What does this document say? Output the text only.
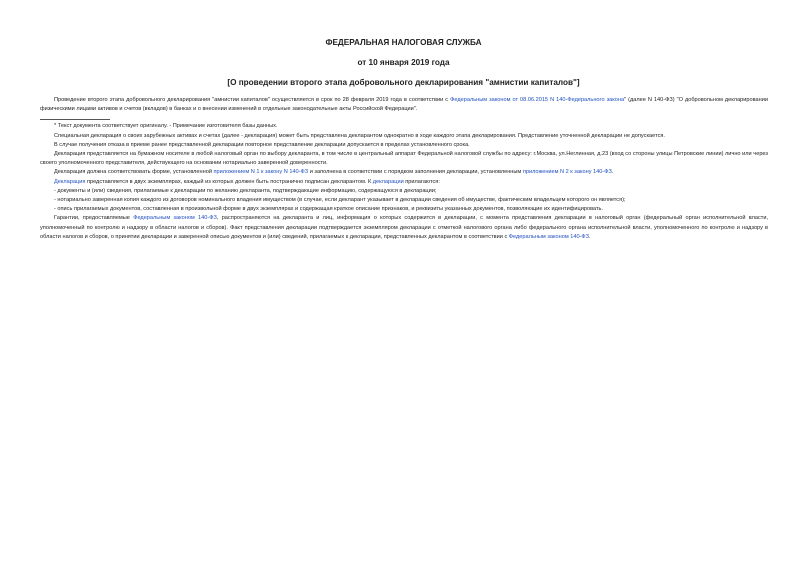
ФЕДЕРАЛЬНАЯ НАЛОГОВАЯ СЛУЖБА
от 10 января 2019 года
[О проведении второго этапа добровольного декларирования "амнистии капиталов"]

Проведение второго этапа добровольного декларирования "амнистии капиталов" осуществляется в срок по 28 февраля 2019 года в соответствии с Федеральным законом от 08.06.2015 N 140-Федерального закона" (далее N 140-ФЗ) "О добровольном декларировании физическими лицами активов и счетов (вкладов) в банках и о внесении изменений в отдельные законодательные акты Российской Федерации".

* Текст документа соответствует оригиналу. - Примечание изготовителя базы данных.

Специальная декларация о своих зарубежных активах и счетах (далее - декларация) может быть представлена декларантом однократно в ходе каждого этапа декларирования. Представление уточненной декларации не допускается.

В случае получения отказа в приеме ранее представленной декларации повторное представление декларации допускается в пределах установленного срока.

Декларация представляется на бумажном носителе в любой налоговый орган по выбору декларанта, в том числе в центральный аппарат Федеральной налоговой службы по адресу: г.Москва, ул.Неглинная, д.23 (вход со стороны улицы Петровские линии) лично или через своего уполномоченного представителя, действующего на основании нотариально заверенной доверенности.

Декларация должна соответствовать форме, установленной приложением N 1 к закону N 140-ФЗ и заполнена в соответствии с порядком заполнения декларации, установленным приложением N 2 к закону 140-ФЗ.

Декларация представляется в двух экземплярах, каждый из которых должен быть постранично подписан декларантом. К декларации прилагаются:

- документы и (или) сведения, прилагаемые к декларации по желанию декларанта, подтверждающие информацию, содержащуюся в декларации;

- нотариально заверенная копия каждого из договоров номинального владения имуществом (в случае, если декларант указывает в декларации сведения об имуществе, фактическим владельцем которого он является);

- опись прилагаемых документов, составленная в произвольной форме в двух экземплярах и содержащая краткое описание признаков, и реквизиты указанных документов, позволяющие их идентифицировать.

Гарантии, предоставляемые Федеральным законом 140-ФЗ, распространяются на декларанта и лиц, информация о которых содержится в декларации, с момента представления декларации в налоговый орган (федеральный орган исполнительной власти, уполномоченный по контролю и надзору в области налогов и сборов). Факт представления декларации подтверждается экземпляром декларации с отметкой налогового органа либо федерального органа исполнительной власти, уполномоченного по контролю и надзору в области налогов и сборов, о принятии декларации и заверенной описью документов и (или) сведений, прилагаемых к декларации, представленных декларантом в соответствии с Федеральным законом 140-ФЗ.
